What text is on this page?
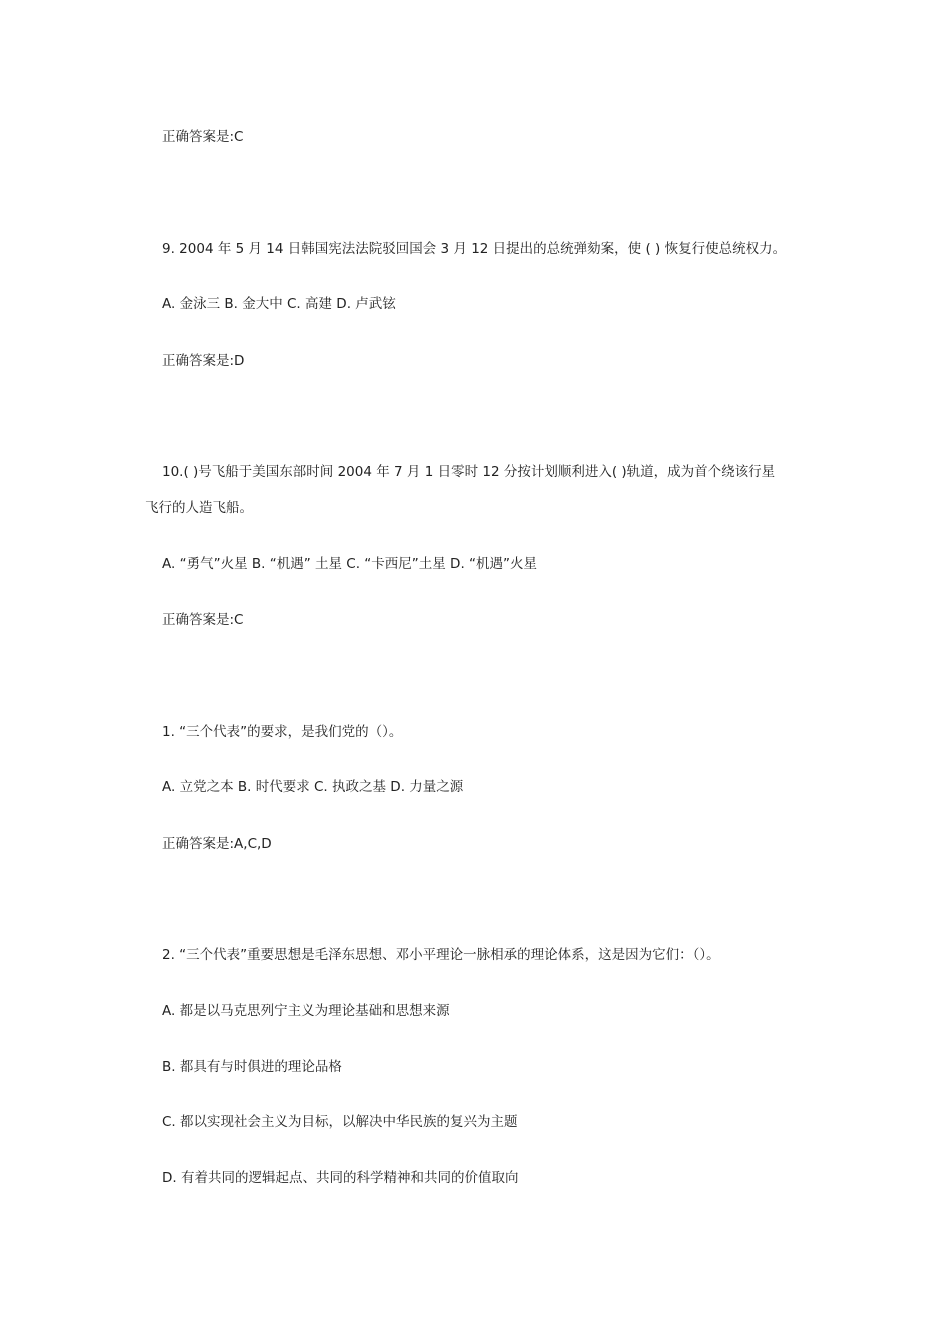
正确答案是:C
9. 2004 年 5 月 14 日韩国宪法法院驳回国会 3 月 12 日提出的总统弹劾案，使 ( ) 恢复行使总统权力。
A. 金泳三 B. 金大中 C. 高建 D. 卢武铉
正确答案是:D
10.( )号飞船于美国东部时间 2004 年 7 月 1 日零时 12 分按计划顺利进入( )轨道，成为首个绕该行星
飞行的人造飞船。
A. “勇气”火星 B. “机遇” 土星 C. “卡西尼”土星 D. “机遇”火星
正确答案是:C
1. “三个代表”的要求，是我们党的（）。
A. 立党之本 B. 时代要求 C. 执政之基 D. 力量之源
正确答案是:A,C,D
2. “三个代表”重要思想是毛泽东思想、邓小平理论一脉相承的理论体系，这是因为它们：（）。
A. 都是以马克思列宁主义为理论基础和思想来源
B. 都具有与时俱进的理论品格
C. 都以实现社会主义为目标，以解决中华民族的复兴为主题
D. 有着共同的逻辑起点、共同的科学精神和共同的价值取向
